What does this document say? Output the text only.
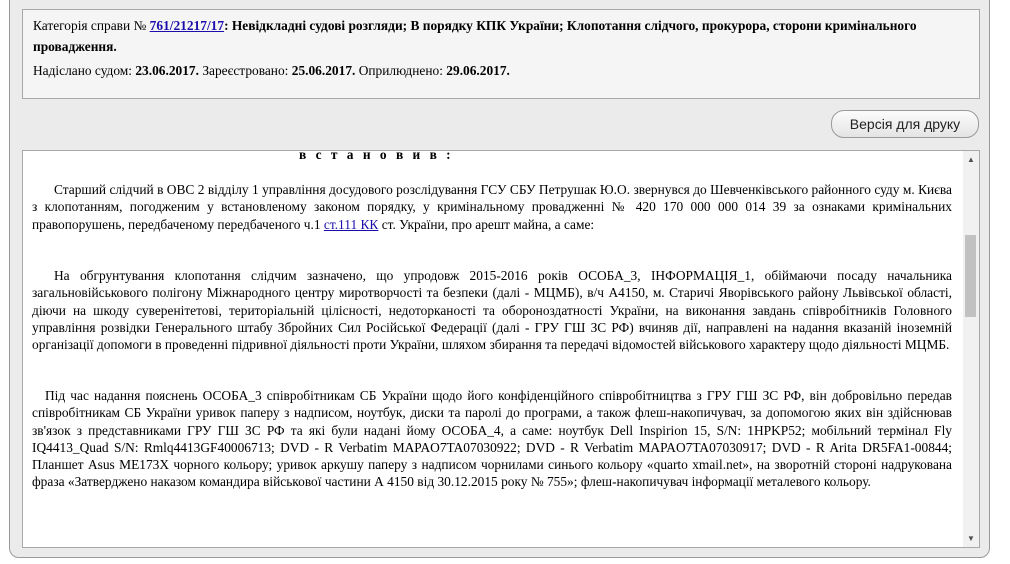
Категорія справи № 761/21217/17: Невідкладні судові розгляди; В порядку КПК України; Клопотання слідчого, прокурора, сторони кримінального
провадження.
Надіслано судом: 23.06.2017. Зареєстровано: 25.06.2017. Оприлюднено: 29.06.2017.
Версія для друку
в с т а н о в и в :
Старший слідчий в ОВС 2 відділу 1 управління досудового розслідування ГСУ СБУ Петрушак Ю.О. звернувся до Шевченківського районного суду м. Києва з клопотанням, погодженим у встановленому законом порядку, у кримінальному провадженні № 420 170 000 000 014 39 за ознаками кримінальних правопорушень, передбаченому передбаченого ч.1 ст.111 КК ст. України, про арешт майна, а саме:
На обгрунтування клопотання слідчим зазначено, що упродовж 2015-2016 років ОСОБА_3, ІНФОРМАЦІЯ_1, обіймаючи посаду начальника загальновійськового полігону Міжнародного центру миротворчості та безпеки (далі - МЦМБ), в/ч А4150, м. Старичі Яворівського району Львівської області, діючи на шкоду суверенітетові, територіальній цілісності, недоторканості та обороноздатності України, на виконання завдань співробітників Головного управління розвідки Генерального штабу Збройних Сил Російської Федерації (далі - ГРУ ГШ ЗС РФ) вчиняв дії, направлені на надання вказаній іноземній організації допомоги в проведенні підривної діяльності проти України, шляхом збирання та передачі відомостей військового характеру щодо діяльності МЦМБ.
Під час надання пояснень ОСОБА_3 співробітникам СБ України щодо його конфіденційного співробітництва з ГРУ ГШ ЗС РФ, він добровільно передав співробітникам СБ України уривок паперу з надписом, ноутбук, диски та паролі до програми, а також флеш-накопичувач, за допомогою яких він здійснював зв'язок з представниками ГРУ ГШ ЗС РФ та які були надані йому ОСОБА_4, а саме: ноутбук Dell Inspirion 15, S/N: 1HPKP52; мобільний термінал Fly IQ4413_Quad S/N: Rmlq4413GF40006713; DVD - R Verbatim MAPAO7TA07030922; DVD - R Verbatim MAPAO7TA07030917; DVD - R Arita DR5FA1-00844; Планшет Asus ME173X чорного кольору; уривок аркушу паперу з надписом чорнилами синього кольору «quarto xmail.net», на зворотній стороні надрукована фраза «Затверджено наказом командира військової частини А 4150 від 30.12.2015 року № 755»; флеш-накопичувач інформації металевого кольору.
▲
▼
